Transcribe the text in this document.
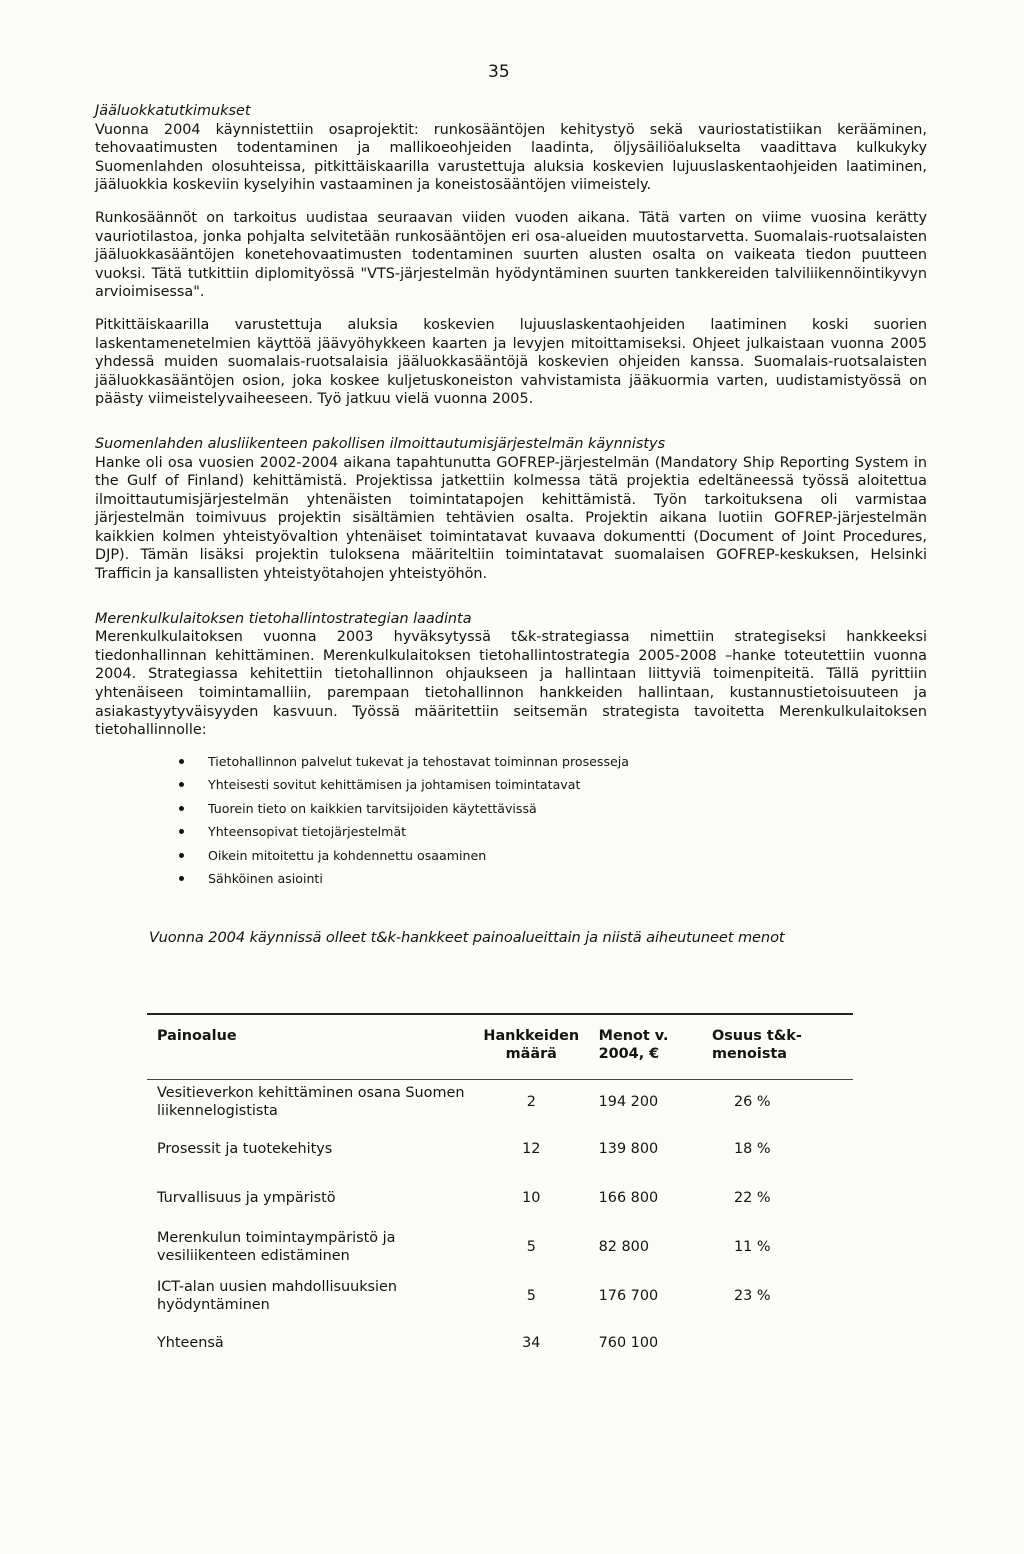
35
Jääluokkatutkimukset

Vuonna 2004 käynnistettiin osaprojektit: runkosääntöjen kehitystyö sekä vauriostatistiikan kerääminen, tehovaatimusten todentaminen ja mallikoeohjeiden laadinta, öljysäiliöalukselta vaadittava kulkukyky Suomenlahden olosuhteissa, pitkittäiskaarilla varustettuja aluksia koskevien lujuuslaskentaohjeiden laatiminen, jääluokkia koskeviin kyselyihin vastaaminen ja koneistosääntöjen viimeistely.

Runkosäännöt on tarkoitus uudistaa seuraavan viiden vuoden aikana. Tätä varten on viime vuosina kerätty vauriotilastoa, jonka pohjalta selvitetään runkosääntöjen eri osa-alueiden muutostarvetta. Suomalais-ruotsalaisten jääluokkasääntöjen konetehovaatimusten todentaminen suurten alusten osalta on vaikeata tiedon puutteen vuoksi. Tätä tutkittiin diplomityössä "VTS-järjestelmän hyödyntäminen suurten tankkereiden talviliikennöintikyvyn arvioimisessa".

Pitkittäiskaarilla varustettuja aluksia koskevien lujuuslaskentaohjeiden laatiminen koski suorien laskentamenetelmien käyttöä jäävyöhykkeen kaarten ja levyjen mitoittamiseksi. Ohjeet julkaistaan vuonna 2005 yhdessä muiden suomalais-ruotsalaisia jääluokkasääntöjä koskevien ohjeiden kanssa. Suomalais-ruotsalaisten jääluokkasääntöjen osion, joka koskee kuljetuskoneiston vahvistamista jääkuormia varten, uudistamistyössä on päästy viimeistelyvaiheeseen. Työ jatkuu vielä vuonna 2005.

Suomenlahden alusliikenteen pakollisen ilmoittautumisjärjestelmän käynnistys

Hanke oli osa vuosien 2002-2004 aikana tapahtunutta GOFREP-järjestelmän (Mandatory Ship Reporting System in the Gulf of Finland) kehittämistä. Projektissa jatkettiin kolmessa tätä projektia edeltäneessä työssä aloitettua ilmoittautumisjärjestelmän yhtenäisten toimintatapojen kehittämistä. Työn tarkoituksena oli varmistaa järjestelmän toimivuus projektin sisältämien tehtävien osalta. Projektin aikana luotiin GOFREP-järjestelmän kaikkien kolmen yhteistyövaltion yhtenäiset toimintatavat kuvaava dokumentti (Document of Joint Procedures, DJP). Tämän lisäksi projektin tuloksena määriteltiin toimintatavat suomalaisen GOFREP-keskuksen, Helsinki Trafficin ja kansallisten yhteistyötahojen yhteistyöhön.

Merenkulkulaitoksen tietohallintostrategian laadinta

Merenkulkulaitoksen vuonna 2003 hyväksytyssä t&k-strategiassa nimettiin strategiseksi hankkeeksi tiedonhallinnan kehittäminen. Merenkulkulaitoksen tietohallintostrategia 2005-2008 –hanke toteutettiin vuonna 2004. Strategiassa kehitettiin tietohallinnon ohjaukseen ja hallintaan liittyviä toimenpiteitä. Tällä pyrittiin yhtenäiseen toimintamalliin, parempaan tietohallinnon hankkeiden hallintaan, kustannustietoisuuteen ja asiakastyytyväisyyden kasvuun. Työssä määritettiin seitsemän strategista tavoitetta Merenkulkulaitoksen tietohallinnolle:

Tietohallinnon palvelut tukevat ja tehostavat toiminnan prosesseja
Yhteisesti sovitut kehittämisen ja johtamisen toimintatavat
Tuorein tieto on kaikkien tarvitsijoiden käytettävissä
Yhteensopivat tietojärjestelmät
Oikein mitoitettu ja kohdennettu osaaminen
Sähköinen asiointi
Vuonna 2004 käynnissä olleet t&k-hankkeet painoalueittain ja niistä aiheutuneet menot
Painoalue	Hankkeiden määrä	Menot v. 2004, €	Osuus t&k-menoista

Vesitieverkon kehittäminen osana Suomen liikennelogistista	2	194 200	26 %
Prosessit ja tuotekehitys	12	139 800	18 %
Turvallisuus ja ympäristö	10	166 800	22 %
Merenkulun toimintaympäristö ja vesiliikenteen edistäminen	5	82 800	11 %
ICT-alan uusien mahdollisuuksien hyödyntäminen	5	176 700	23 %
Yhteensä	34	760 100	
